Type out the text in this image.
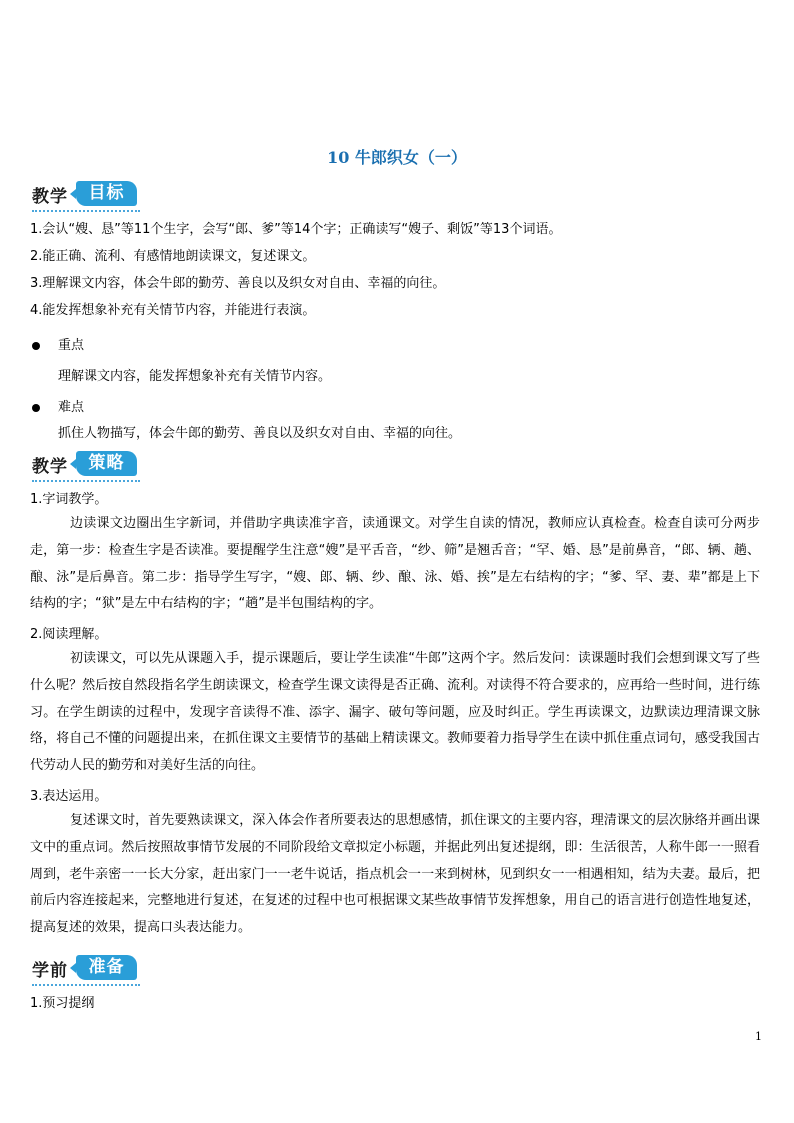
10 牛郎织女（一）
教学	目标
1.会认“嫂、恳”等11个生字，会写“郎、爹”等14个字；正确读写“嫂子、剩饭”等13个词语。
2.能正确、流利、有感情地朗读课文，复述课文。
3.理解课文内容，体会牛郎的勤劳、善良以及织女对自由、幸福的向往。
4.能发挥想象补充有关情节内容，并能进行表演。
重点
理解课文内容，能发挥想象补充有关情节内容。
难点
抓住人物描写，体会牛郎的勤劳、善良以及织女对自由、幸福的向往。
教学	策略
1.字词教学。
边读课文边圈出生字新词，并借助字典读准字音，读通课文。对学生自读的情况，教师应认真检查。检查自读可分两步走，第一步：检查生字是否读准。要提醒学生注意“嫂”是平舌音，“纱、筛”是翘舌音；“罕、婚、恳”是前鼻音，“郎、辆、趟、酿、泳”是后鼻音。第二步：指导学生写字，“嫂、郎、辆、纱、酿、泳、婚、挨”是左右结构的字；“爹、罕、妻、辈”都是上下结构的字；“狱”是左中右结构的字；“趟”是半包围结构的字。
2.阅读理解。
初读课文，可以先从课题入手，提示课题后，要让学生读准“牛郎”这两个字。然后发问：读课题时我们会想到课文写了些什么呢？然后按自然段指名学生朗读课文，检查学生课文读得是否正确、流利。对读得不符合要求的，应再给一些时间，进行练习。在学生朗读的过程中，发现字音读得不准、添字、漏字、破句等问题，应及时纠正。学生再读课文，边默读边理清课文脉络，将自己不懂的问题提出来，在抓住课文主要情节的基础上精读课文。教师要着力指导学生在读中抓住重点词句，感受我国古代劳动人民的勤劳和对美好生活的向往。
3.表达运用。
复述课文时，首先要熟读课文，深入体会作者所要表达的思想感情，抓住课文的主要内容，理清课文的层次脉络并画出课文中的重点词。然后按照故事情节发展的不同阶段给文章拟定小标题，并据此列出复述提纲，即：生活很苦，人称牛郎一一照看周到，老牛亲密一一长大分家，赶出家门一一老牛说话，指点机会一一来到树林，见到织女一一相遇相知，结为夫妻。最后，把前后内容连接起来，完整地进行复述，在复述的过程中也可根据课文某些故事情节发挥想象，用自己的语言进行创造性地复述，提高复述的效果，提高口头表达能力。
学前	准备
1.预习提纲
1
